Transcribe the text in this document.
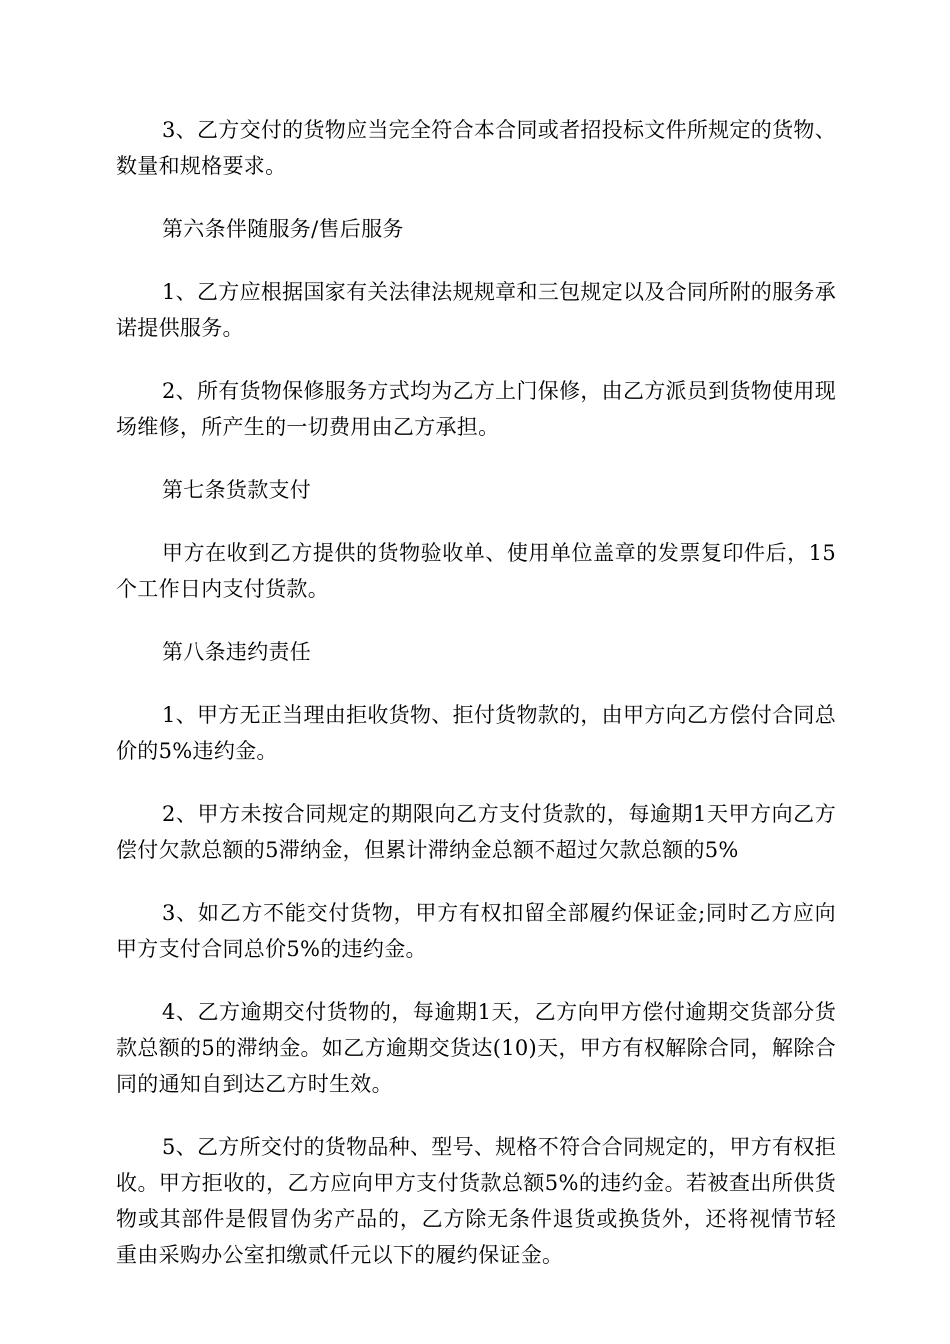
3、乙方交付的货物应当完全符合本合同或者招投标文件所规定的货物、数量和规格要求。

第六条伴随服务/售后服务

1、乙方应根据国家有关法律法规规章和三包规定以及合同所附的服务承诺提供服务。

2、所有货物保修服务方式均为乙方上门保修，由乙方派员到货物使用现场维修，所产生的一切费用由乙方承担。

第七条货款支付

甲方在收到乙方提供的货物验收单、使用单位盖章的发票复印件后，15个工作日内支付货款。

第八条违约责任

1、甲方无正当理由拒收货物、拒付货物款的，由甲方向乙方偿付合同总价的5%违约金。

2、甲方未按合同规定的期限向乙方支付货款的，每逾期1天甲方向乙方偿付欠款总额的5滞纳金，但累计滞纳金总额不超过欠款总额的5%

3、如乙方不能交付货物，甲方有权扣留全部履约保证金;同时乙方应向甲方支付合同总价5%的违约金。

4、乙方逾期交付货物的，每逾期1天，乙方向甲方偿付逾期交货部分货款总额的5的滞纳金。如乙方逾期交货达(10)天，甲方有权解除合同，解除合同的通知自到达乙方时生效。

5、乙方所交付的货物品种、型号、规格不符合合同规定的，甲方有权拒收。甲方拒收的，乙方应向甲方支付货款总额5%的违约金。若被查出所供货物或其部件是假冒伪劣产品的，乙方除无条件退货或换货外，还将视情节轻重由采购办公室扣缴贰仟元以下的履约保证金。
